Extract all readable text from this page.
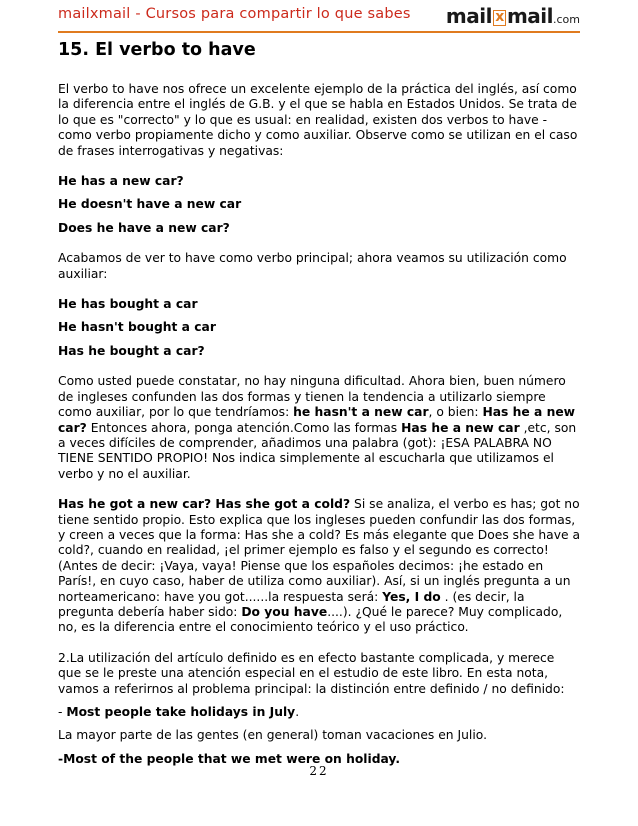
mailxmail - Cursos para compartir lo que sabes mail x mail.com
15. El verbo to have

El verbo to have nos ofrece un excelente ejemplo de la práctica del inglés, así como la diferencia entre el inglés de G.B. y el que se habla en Estados Unidos. Se trata de lo que es "correcto" y lo que es usual: en realidad, existen dos verbos to have - como verbo propiamente dicho y como auxiliar. Observe como se utilizan en el caso de frases interrogativas y negativas:

He has a new car?

He doesn't have a new car

Does he have a new car?

Acabamos de ver to have como verbo principal; ahora veamos su utilización como auxiliar:

He has bought a car

He hasn't bought a car

Has he bought a car?

Como usted puede constatar, no hay ninguna dificultad. Ahora bien, buen número de ingleses confunden las dos formas y tienen la tendencia a utilizarlo siempre como auxiliar, por lo que tendríamos: he hasn't a new car, o bien: Has he a new car? Entonces ahora, ponga atención.Como las formas Has he a new car ,etc, son a veces difíciles de comprender, añadimos una palabra (got): ¡ESA PALABRA NO TIENE SENTIDO PROPIO! Nos indica simplemente al escucharla que utilizamos el verbo y no el auxiliar.

Has he got a new car? Has she got a cold? Si se analiza, el verbo es has; got no tiene sentido propio. Esto explica que los ingleses pueden confundir las dos formas, y creen a veces que la forma: Has she a cold? Es más elegante que Does she have a cold?, cuando en realidad, ¡el primer ejemplo es falso y el segundo es correcto! (Antes de decir: ¡Vaya, vaya! Piense que los españoles decimos: ¡he estado en París!, en cuyo caso, haber de utiliza como auxiliar). Así, si un inglés pregunta a un norteamericano: have you got......la respuesta será: Yes, I do . (es decir, la pregunta debería haber sido: Do you have....). ¿Qué le parece? Muy complicado, no, es la diferencia entre el conocimiento teórico y el uso práctico.

2.La utilización del artículo definido es en efecto bastante complicada, y merece que se le preste una atención especial en el estudio de este libro. En esta nota, vamos a referirnos al problema principal: la distinción entre definido / no definido:

- Most people take holidays in July.

La mayor parte de las gentes (en general) toman vacaciones en Julio.

-Most of the people that we met were on holiday.

22
